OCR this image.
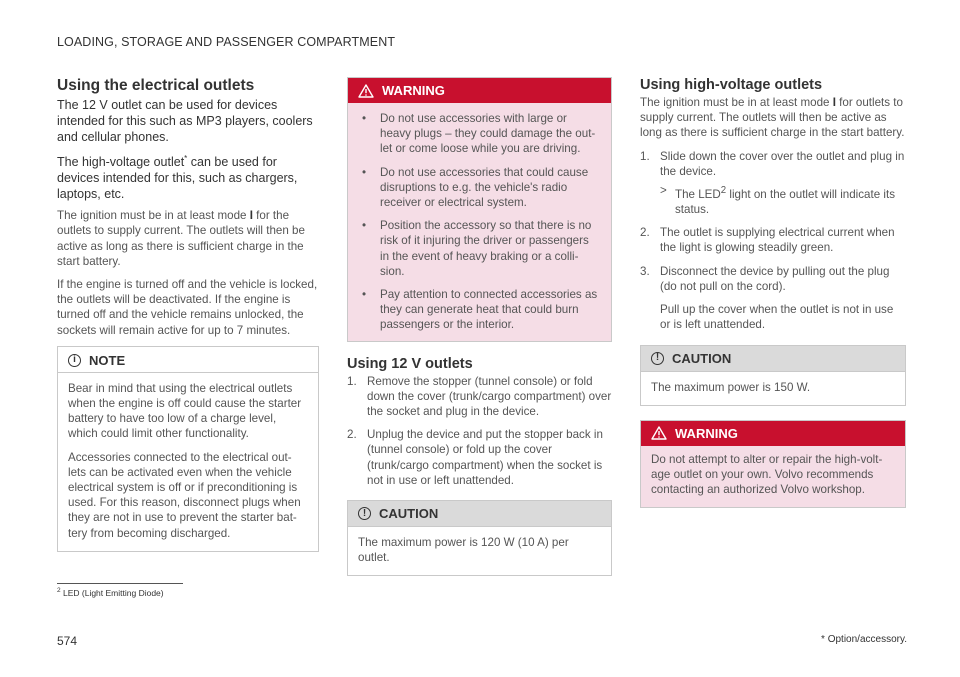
LOADING, STORAGE AND PASSENGER COMPARTMENT
Using the electrical outlets

The 12 V outlet can be used for devices intended for this such as MP3 players, coolers and cellular phones.

The high-voltage outlet* can be used for devices intended for this, such as chargers, laptops, etc.

The ignition must be in at least mode I for the outlets to supply current. The outlets will then be active as long as there is sufficient charge in the start battery.

If the engine is turned off and the vehicle is locked, the outlets will be deactivated. If the engine is turned off and the vehicle remains unlocked, the sockets will remain active for up to 7 minutes.

i	NOTE

Bear in mind that using the electrical outlets when the engine is off could cause the starter battery to have too low of a charge level, which could limit other functionality.

Accessories connected to the electrical out-lets can be activated even when the vehicle electrical system is off or if preconditioning is used. For this reason, disconnect plugs when they are not in use to prevent the starter bat-tery from becoming discharged.

WARNING
• Do not use accessories with large or heavy plugs – they could damage the out-let or come loose while you are driving.
• Do not use accessories that could cause disruptions to e.g. the vehicle's radio receiver or electrical system.
• Position the accessory so that there is no risk of it injuring the driver or passengers in the event of heavy braking or a colli-sion.
• Pay attention to connected accessories as they can generate heat that could burn passengers or the interior.
Using 12 V outlets
1. Remove the stopper (tunnel console) or fold down the cover (trunk/cargo compartment) over the socket and plug in the device.
2. Unplug the device and put the stopper back in (tunnel console) or fold up the cover (trunk/cargo compartment) when the socket is not in use or left unattended.
! CAUTION

The maximum power is 120 W (10 A) per outlet.

Using high-voltage outlets

The ignition must be in at least mode I for outlets to supply current. The outlets will then be active as long as there is sufficient charge in the start battery.

1. Slide down the cover over the outlet and plug in the device.
> The LED$^2$ light on the outlet will indicate its status.
2. The outlet is supplying electrical current when the light is glowing steadily green.
3. Disconnect the device by pulling out the plug (do not pull on the cord).
Pull up the cover when the outlet is not in use or is left unattended.
! CAUTION

The maximum power is 150 W.

WARNING

Do not attempt to alter or repair the high-volt-age outlet on your own. Volvo recommends contacting an authorized Volvo workshop.

$^2$ LED (Light Emitting Diode)
574	* Option/accessory.
